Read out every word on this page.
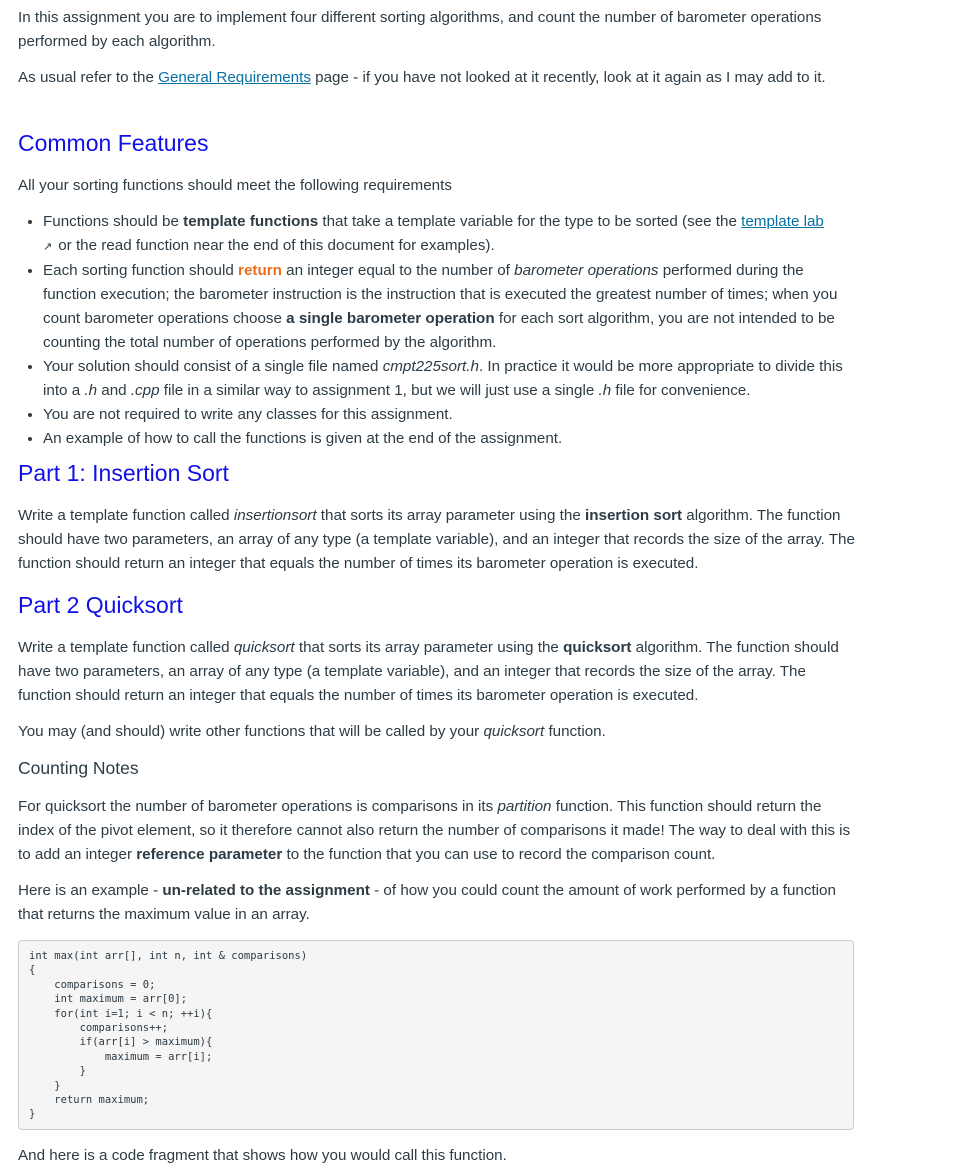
In this assignment you are to implement four different sorting algorithms, and count the number of barometer operations performed by each algorithm.

As usual refer to the General Requirements page - if you have not looked at it recently, look at it again as I may add to it.

Common Features

All your sorting functions should meet the following requirements

• Functions should be template functions that take a template variable for the type to be sorted (see the template lab
↗ or the read function near the end of this document for examples).
• Each sorting function should return an integer equal to the number of barometer operations performed during the function execution; the barometer instruction is the instruction that is executed the greatest number of times; when you count barometer operations choose a single barometer operation for each sort algorithm, you are not intended to be counting the total number of operations performed by the algorithm.
• Your solution should consist of a single file named cmpt225sort.h. In practice it would be more appropriate to divide this into a .h and .cpp file in a similar way to assignment 1, but we will just use a single .h file for convenience.
• You are not required to write any classes for this assignment.
• An example of how to call the functions is given at the end of the assignment.
Part 1: Insertion Sort

Write a template function called insertionsort that sorts its array parameter using the insertion sort algorithm. The function should have two parameters, an array of any type (a template variable), and an integer that records the size of the array. The function should return an integer that equals the number of times its barometer operation is executed.

Part 2 Quicksort

Write a template function called quicksort that sorts its array parameter using the quicksort algorithm. The function should have two parameters, an array of any type (a template variable), and an integer that records the size of the array. The function should return an integer that equals the number of times its barometer operation is executed.

You may (and should) write other functions that will be called by your quicksort function.

Counting Notes

For quicksort the number of barometer operations is comparisons in its partition function. This function should return the index of the pivot element, so it therefore cannot also return the number of comparisons it made! The way to deal with this is to add an integer reference parameter to the function that you can use to record the comparison count.

Here is an example - un-related to the assignment - of how you could count the amount of work performed by a function that returns the maximum value in an array.

int max(int arr[], int n, int & comparisons)
{
	comparisons = 0;
	int maximum = arr[0];
	for(int i=1; i < n; ++i){
		comparisons++;
		if(arr[i] > maximum){
			maximum = arr[i];
		}
	}
	return maximum;
}

And here is a code fragment that shows how you would call this function.
